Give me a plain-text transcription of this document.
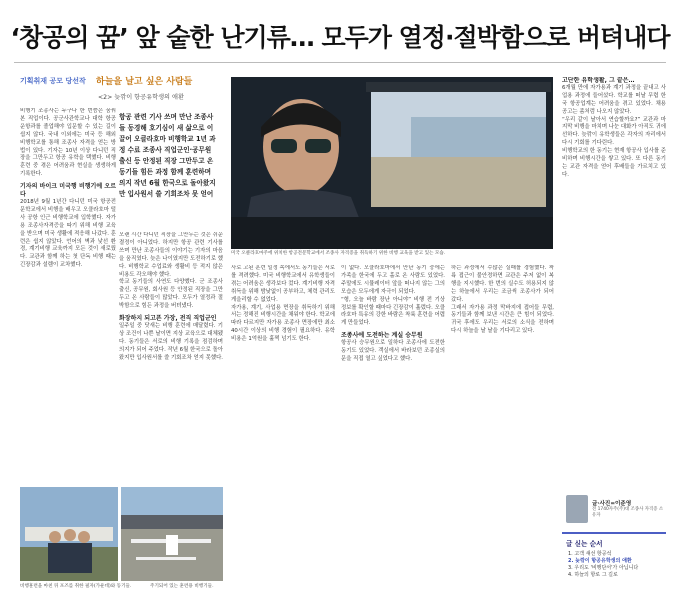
‘창공의 꿈’ 앞 숱한 난기류… 모두가 열정·절박함으로 버텨내다
기획취재 공모 당선작 하늘을 날고 싶은 사람들
<2> 늦깎이 항공유학생의 애환

비행기 조종사는 누구나 한 번쯤은 꿈꿔 본 직업이다. 공군사관학교나 대학 항공운항과를 졸업해야 입문할 수 있는 길이 쉽지 않다. 국내 이외에는 미국 등 해외 비행학교를 통해 조종사 자격을 얻는 방법이 있다. 기자는 10년 이상 다니던 직장을 그만두고 항공 유학을 택했다. 비행 훈련 중 겪은 어려움과 현실을 생생하게 기록한다.

기자의 바이크 미국행 비행기에 오르다

2018년 9월 1년간 다니던 미국 항공전문학교에서 비행을 배우고 오클라호마 털사 공항 인근 비행학교에 입학했다. 자가용 조종사자격증을 따기 위해 비행 교육을 받으며 미국 생활에 적응해 나갔다. 훈련은 쉽지 않았다. 언어의 벽과 낯선 환경, 계기비행 교육까지 모든 것이 새로웠다. 교관과 함께 하는 첫 단독 비행 때는 긴장감과 설렘이 교차했다.

항공 관련 기사 쓰며 만난 조종사들 동경해 호기심이 새 삶으로 이끌어 오클라호마 비행학교 1년 과정 수료 조종사 직업군인·공무원 출신 등 안정된 직장 그만두고 온 동기들 힘든 과정 함께 훈련하며 의지 작년 6월 한국으로 돌아왔지만 입사원서 쓸 기회조차 못 얻어

오랜 시간 다니던 직장을 그만두는 것은 쉬운 결정이 아니었다. 하지만 항공 관련 기사를 쓰며 만난 조종사들의 이야기는 기자의 마음을 움직였다. 늦은 나이였지만 도전하기로 했다. 비행학교 수업료와 생활비 등 적지 않은 비용도 각오해야 했다.

학교 동기들의 사연도 다양했다. 군 조종사 출신, 공무원, 회사원 등 안정된 직장을 그만두고 온 사람들이 많았다. 모두가 열정과 절박함으로 힘든 과정을 버텨냈다.

화장하지 되고픈 가장, 전직 직업군인

일주일 중 닷새는 비행 훈련에 매달렸다. 기상 조건이 나쁜 날이면 지상 교육으로 대체됐다. 동기들은 서로의 비행 기록을 점검하며 의지가 되어 주었다. 작년 6월 한국으로 돌아왔지만 입사원서를 쓸 기회조차 얻지 못했다.

미국 오클라호마주에 위치한 항공전문학교에서 조종사 자격증을 취득하기 위한 비행 교육을 받고 있는 모습.

사로 고된 훈련 일정 속에서도 동기들은 서로를 격려했다. 미국 비행학교에서 유학생들이 겪는 어려움은 생각보다 컸다. 계기비행 자격 취득을 위해 밤낮없이 공부하고, 체력 관리도 게을리할 수 없었다.

자가용, 계기, 사업용 면장을 취득하기 위해서는 정해진 비행시간을 채워야 한다. 학교에 따라 다르지만 자가용 조종사 면장에만 최소 40시간 이상의 비행 경험이 필요하다. 유학 비용은 1억원을 훌쩍 넘기도 한다.

이 없다. 오클라호마에서 만난 동기 중에는 가족을 한국에 두고 홀로 온 사람도 있었다. 주말에도 시뮬레이터 앞을 떠나지 않는 그의 모습은 모두에게 자극이 되었다.

“형, 오늘 바람 장난 아니야” 비행 전 기상 정보를 확인할 때마다 긴장감이 흘렀다. 오클라호마 특유의 강한 바람은 착륙 훈련을 어렵게 만들었다.

조종사에 도전하는 계실 승무원

항공사 승무원으로 일하다 조종사에 도전한 동기도 있었다. 객실에서 바라보던 조종실의 문을 직접 열고 싶었다고 했다.

하는 과정에서 수많은 실패를 경험했다. 착륙 접근이 불안정하면 교관은 주저 없이 복행을 지시했다. 한 번의 실수도 허용되지 않는 하늘에서 우리는 조금씩 조종사가 되어 갔다.

그래서 자가용 과정 막바지에 접어들 무렵, 동기들과 함께 보낸 시간은 큰 힘이 되었다. 귀국 후에도 우리는 서로의 소식을 전하며 다시 하늘을 날 날을 기다리고 있다.

고단한 유학생활, 그 끝은…

6개월 만에 자가용과 계기 과정을 끝내고 사업용 과정에 들어섰다. 학교를 떠날 무렵 한국 항공업계는 어려움을 겪고 있었다. 채용 공고는 좀처럼 나오지 않았다.

“우리 같이 날아서 연습할까요?” 교관과 마지막 비행을 마치며 나눈 대화가 아직도 귀에 선하다. 늦깎이 유학생들은 각자의 자리에서 다시 기회를 기다린다.

비행학교의 한 동기는 현재 항공사 입사를 준비하며 비행시간을 쌓고 있다. 또 다른 동기는 교관 자격을 얻어 후배들을 가르치고 있다.

비행훈련을 마친 뒤 포즈를 취한 필자(가운데)와 동기들.	주기되어 있는 훈련용 비행기들.
글·사진=이준영
전 1740자주(주)대 조종사 자격증 소유자
글 싣는 순서
1. 고객 섀선 항공석
2. 늦깎이 항공유학생의 애환
3. 우리도 '비행단서'가 아닙니다
4. 하늘의 항로 그 길로
